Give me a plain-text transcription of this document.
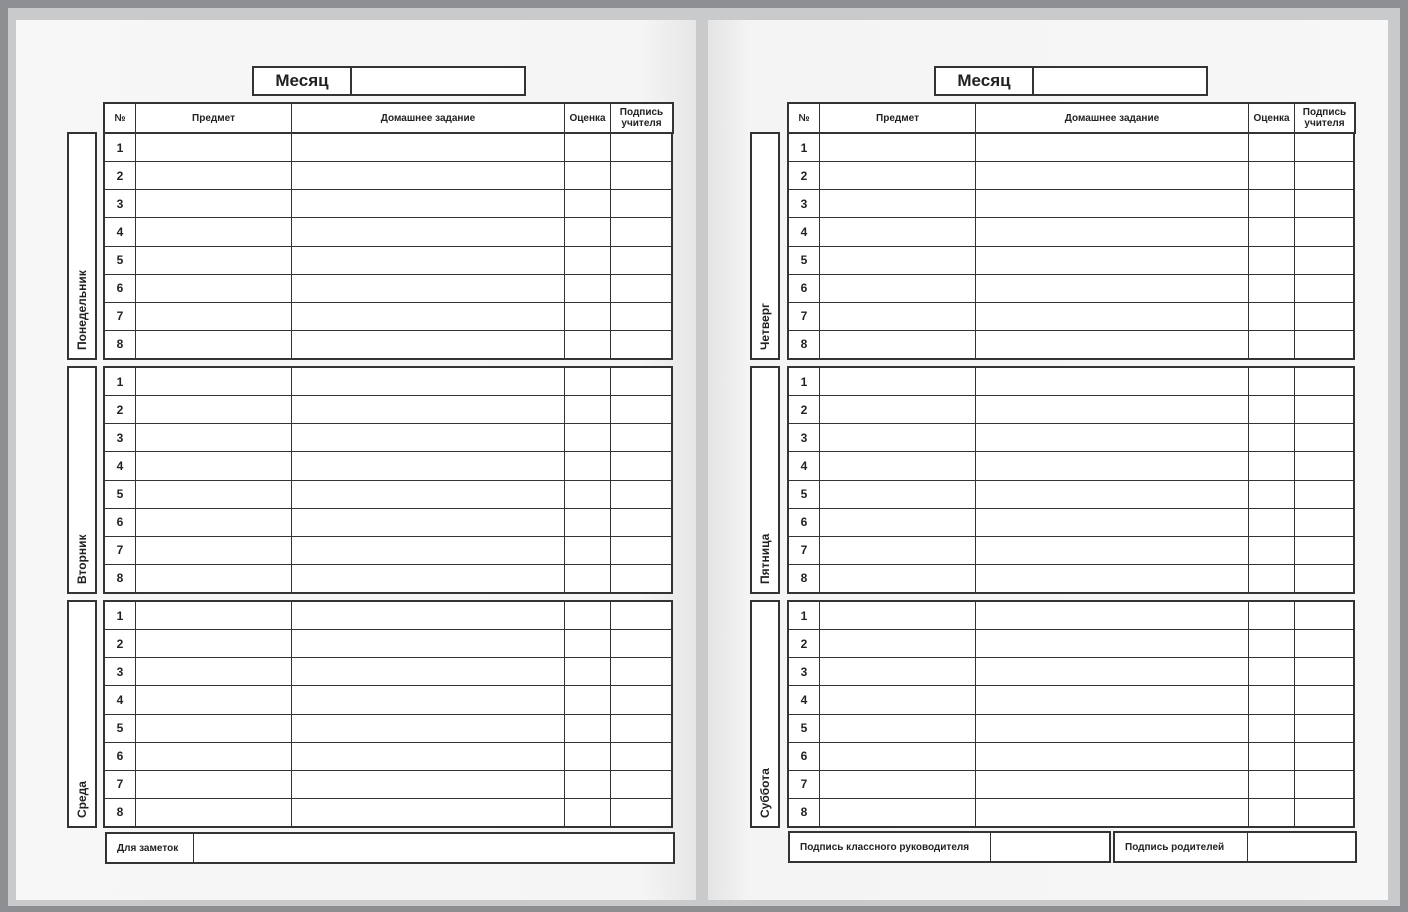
Месяц
№	Предмет	Домашнее задание	Оценка	Подпись учителя
Понедельник
1
2
3
4
5
6
7
8
Вторник
1
2
3
4
5
6
7
8
Среда
1
2
3
4
5
6
7
8
Для заметок
Месяц
№	Предмет	Домашнее задание	Оценка	Подпись учителя
Четверг
1
2
3
4
5
6
7
8
Пятница
1
2
3
4
5
6
7
8
Суббота
1
2
3
4
5
6
7
8
Подпись классного руководителя	Подпись родителей
